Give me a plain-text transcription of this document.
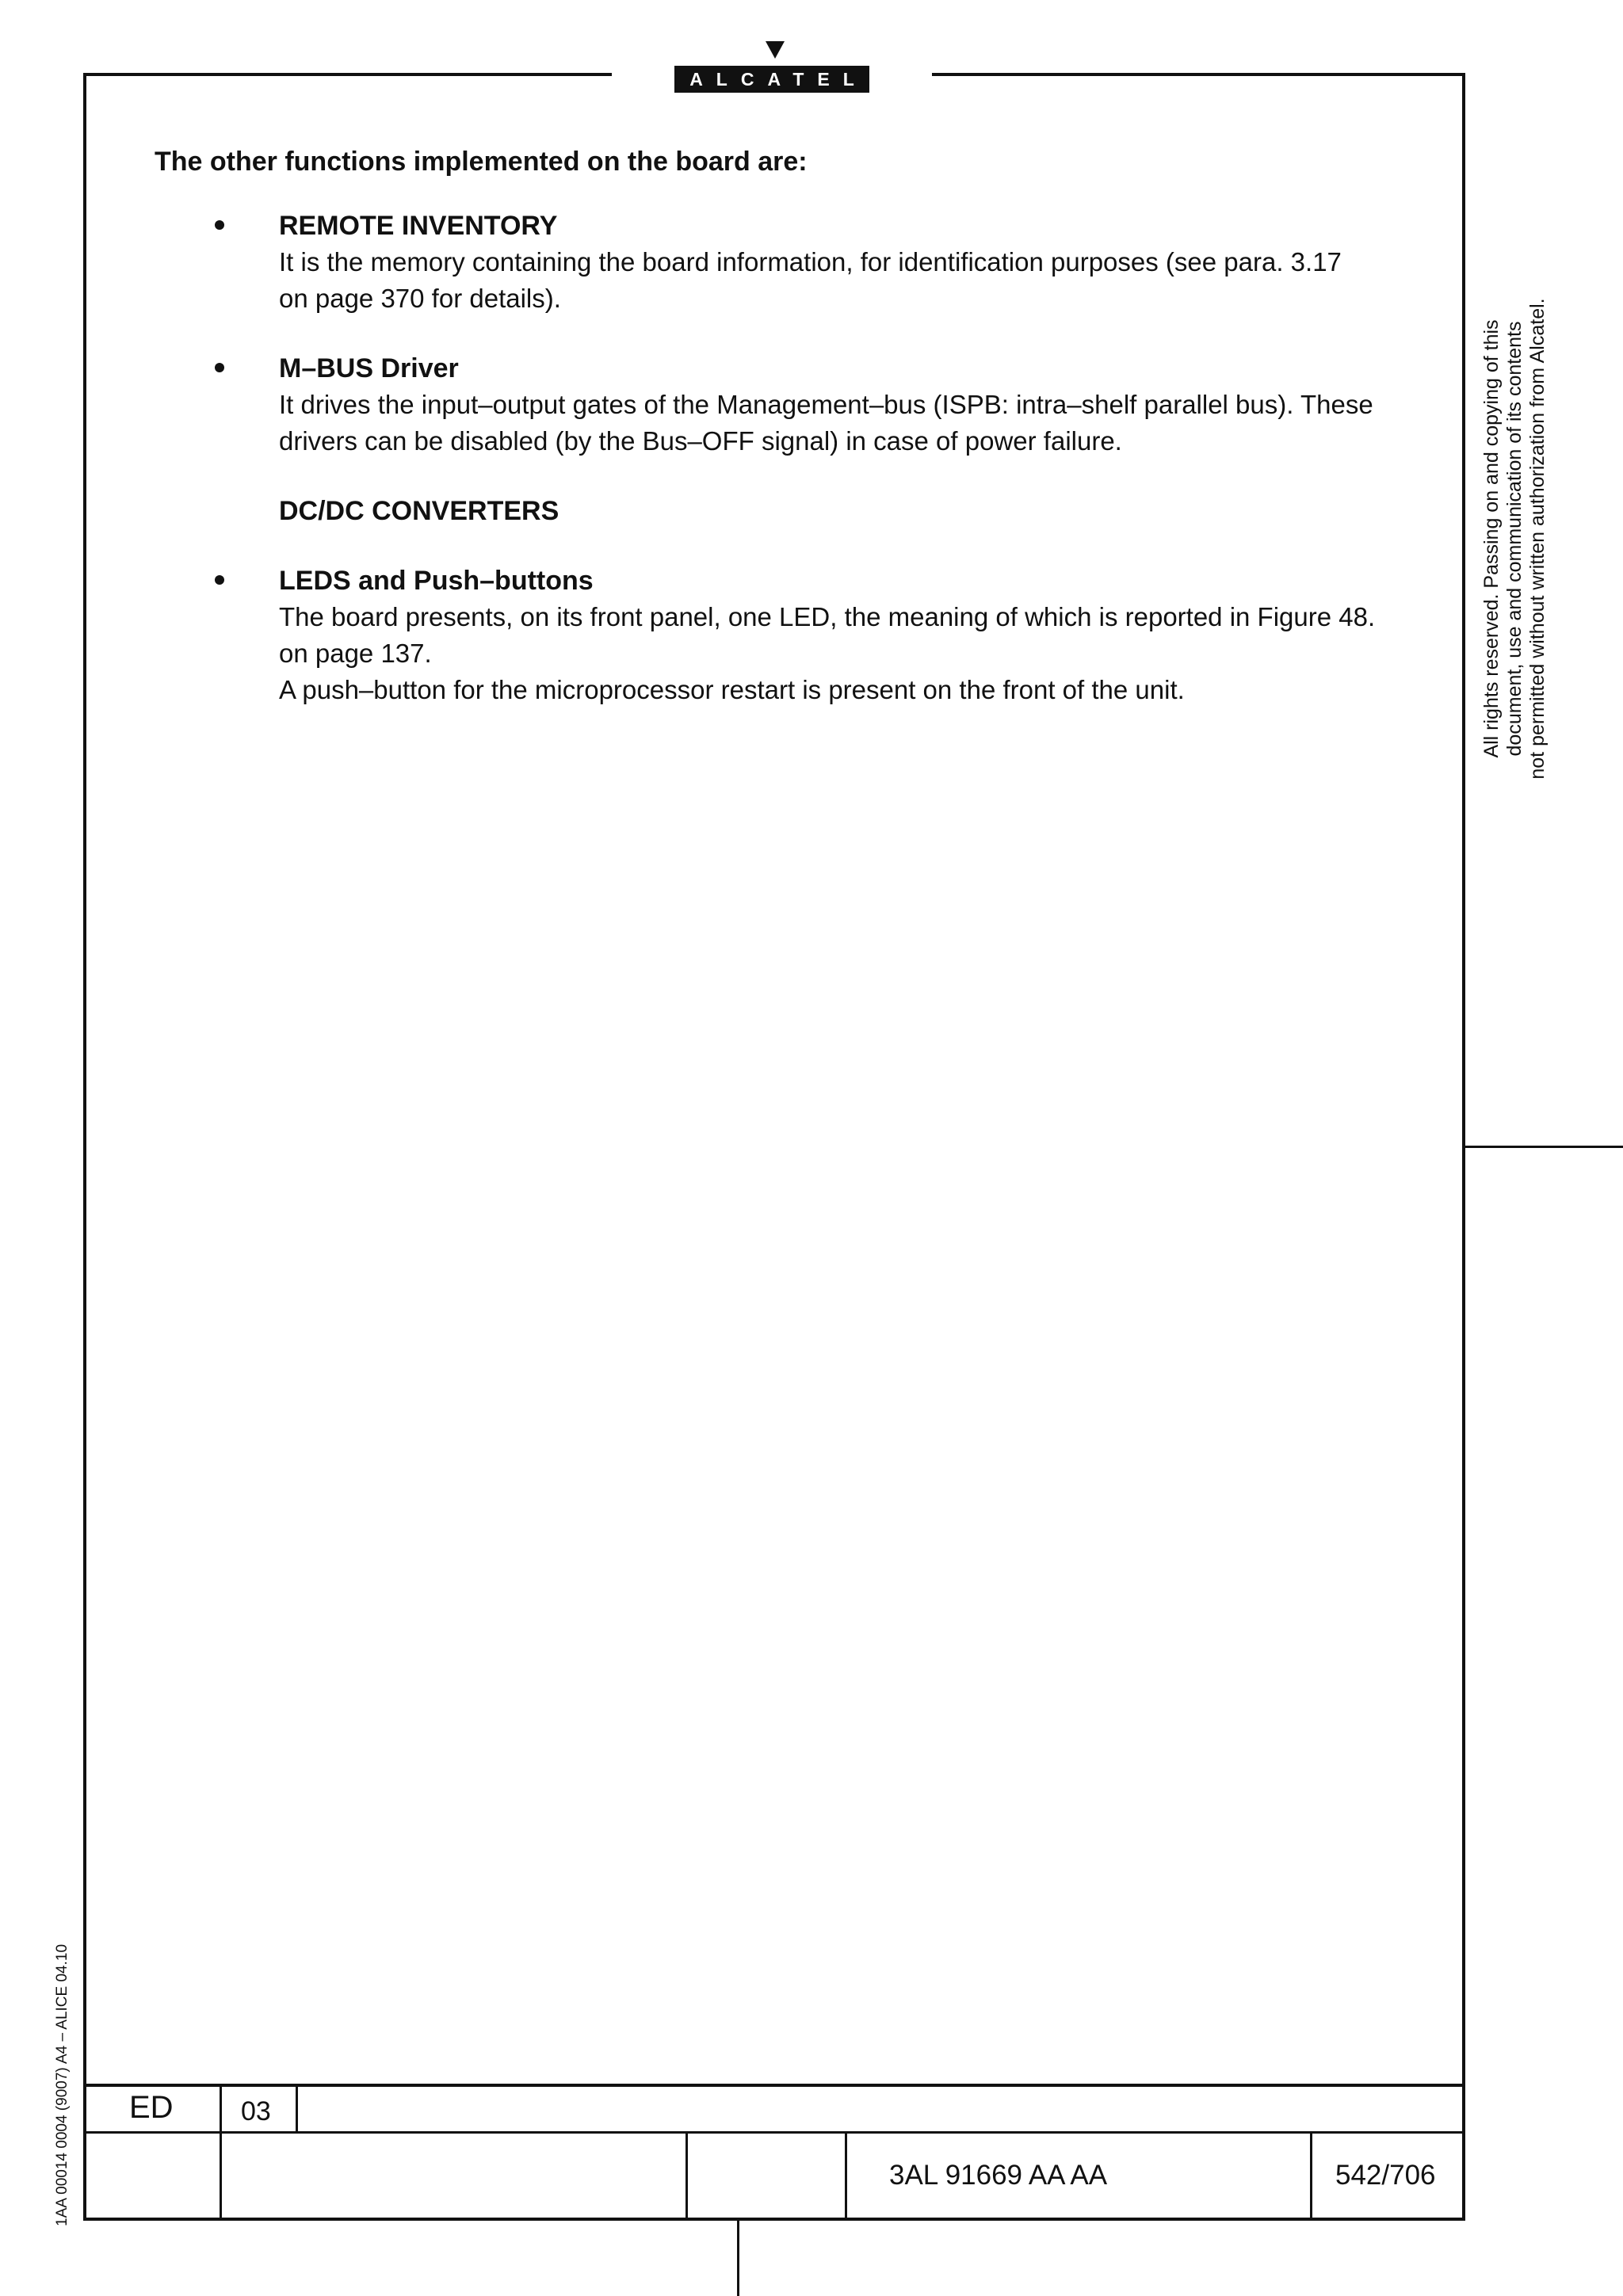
ALCATEL

The other functions implemented on the board are:

REMOTE INVENTORY
It is the memory containing the board information, for identification purposes (see para. 3.17
on page 370 for details).
M–BUS Driver
It drives the input–output gates of the Management–bus (ISPB: intra–shelf parallel bus). These
drivers can be disabled (by the Bus–OFF signal) in case of power failure.
DC/DC CONVERTERS
LEDS and Push–buttons
The board presents, on its front panel, one LED, the meaning of which is reported in Figure 48.
on page 137.
A push–button for the microprocessor restart is present on the front of the unit.	All rights reserved. Passing on and copying of this document, use and communication of its contents not permitted without written authorization from Alcatel.
1AA 00014 0004 (9007) A4 – ALICE 04.10 ED	03
3AL 91669 AA AA	542/706
